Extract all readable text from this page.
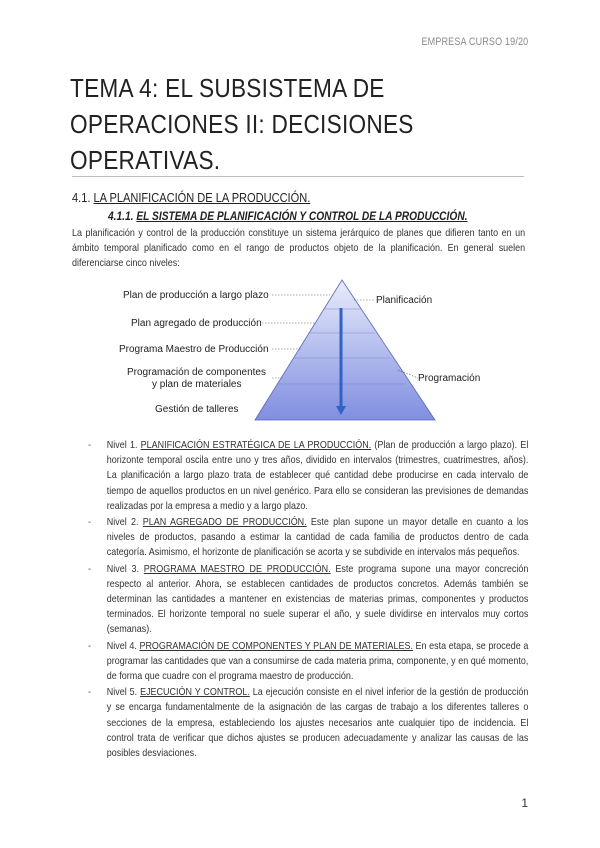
EMPRESA CURSO 19/20
TEMA 4: EL SUBSISTEMA DE OPERACIONES II: DECISIONES OPERATIVAS.
4.1. LA PLANIFICACIÓN DE LA PRODUCCIÓN.
4.1.1. EL SISTEMA DE PLANIFICACIÓN Y CONTROL DE LA PRODUCCIÓN.

La planificación y control de la producción constituye un sistema jerárquico de planes que difieren tanto en un ámbito temporal planificado como en el rango de productos objeto de la planificación. En general suelen diferenciarse cinco niveles:

Plan de producción a largo plazo
Plan agregado de producción
Programa Maestro de Producción
Programación de componentes
y plan de materiales
Gestión de talleres
Planificación
Programación
- Nivel 1. PLANIFICACIÓN ESTRATÉGICA DE LA PRODUCCIÓN. (Plan de producción a largo plazo). El horizonte temporal oscila entre uno y tres años, dividido en intervalos (trimestres, cuatrimestres, años). La planificación a largo plazo trata de establecer qué cantidad debe producirse en cada intervalo de tiempo de aquellos productos en un nivel genérico. Para ello se consideran las previsiones de demandas realizadas por la empresa a medio y a largo plazo.
- Nivel 2. PLAN AGREGADO DE PRODUCCIÓN. Este plan supone un mayor detalle en cuanto a los niveles de productos, pasando a estimar la cantidad de cada familia de productos dentro de cada categoría. Asimismo, el horizonte de planificación se acorta y se subdivide en intervalos más pequeños.
- Nivel 3. PROGRAMA MAESTRO DE PRODUCCIÓN. Este programa supone una mayor concreción respecto al anterior. Ahora, se establecen cantidades de productos concretos. Además también se determinan las cantidades a mantener en existencias de materias primas, componentes y productos terminados. El horizonte temporal no suele superar el año, y suele dividirse en intervalos muy cortos (semanas).
- Nivel 4. PROGRAMACIÓN DE COMPONENTES Y PLAN DE MATERIALES. En esta etapa, se procede a programar las cantidades que van a consumirse de cada materia prima, componente, y en qué momento, de forma que cuadre con el programa maestro de producción.
- Nivel 5. EJECUCIÓN Y CONTROL. La ejecución consiste en el nivel inferior de la gestión de producción y se encarga fundamentalmente de la asignación de las cargas de trabajo a los diferentes talleres o secciones de la empresa, estableciendo los ajustes necesarios ante cualquier tipo de incidencia. El control trata de verificar que dichos ajustes se producen adecuadamente y analizar las causas de las posibles desviaciones.
1
